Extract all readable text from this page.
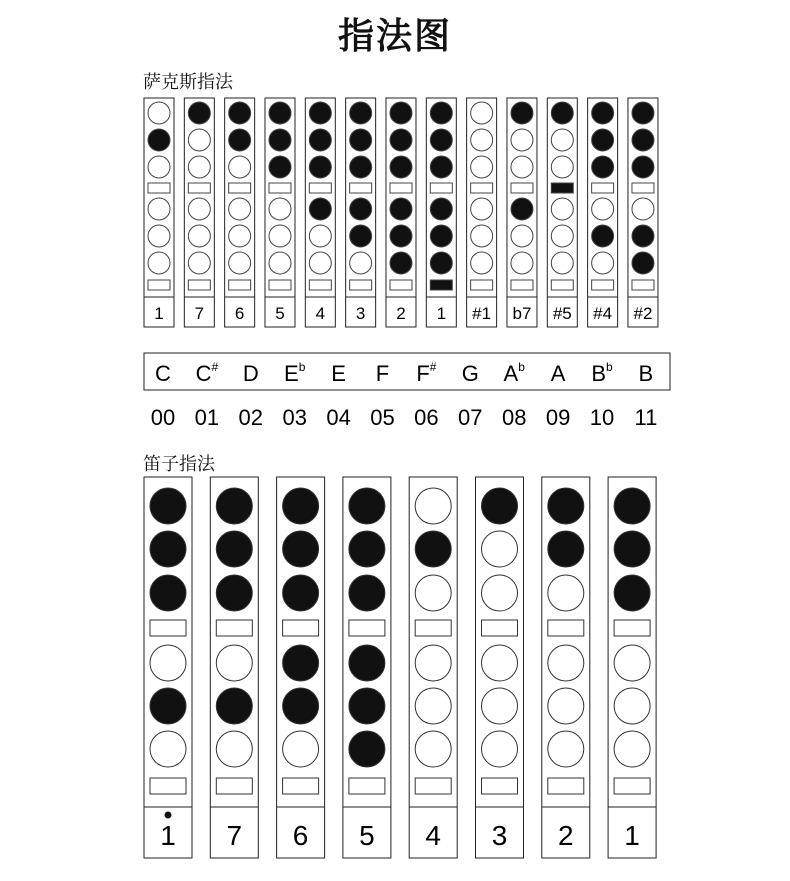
指法图
萨克斯指法
笛子指法
1 7 6 5 4 3 2 1 #1 b7 #5 #4 #2
C C# D $E^b$ E F F# G $A^b$ A $B^b$ B
00 01 02 03 04 05 06 07 08 09 10 11
1 7 6 5 4 3 2 1
